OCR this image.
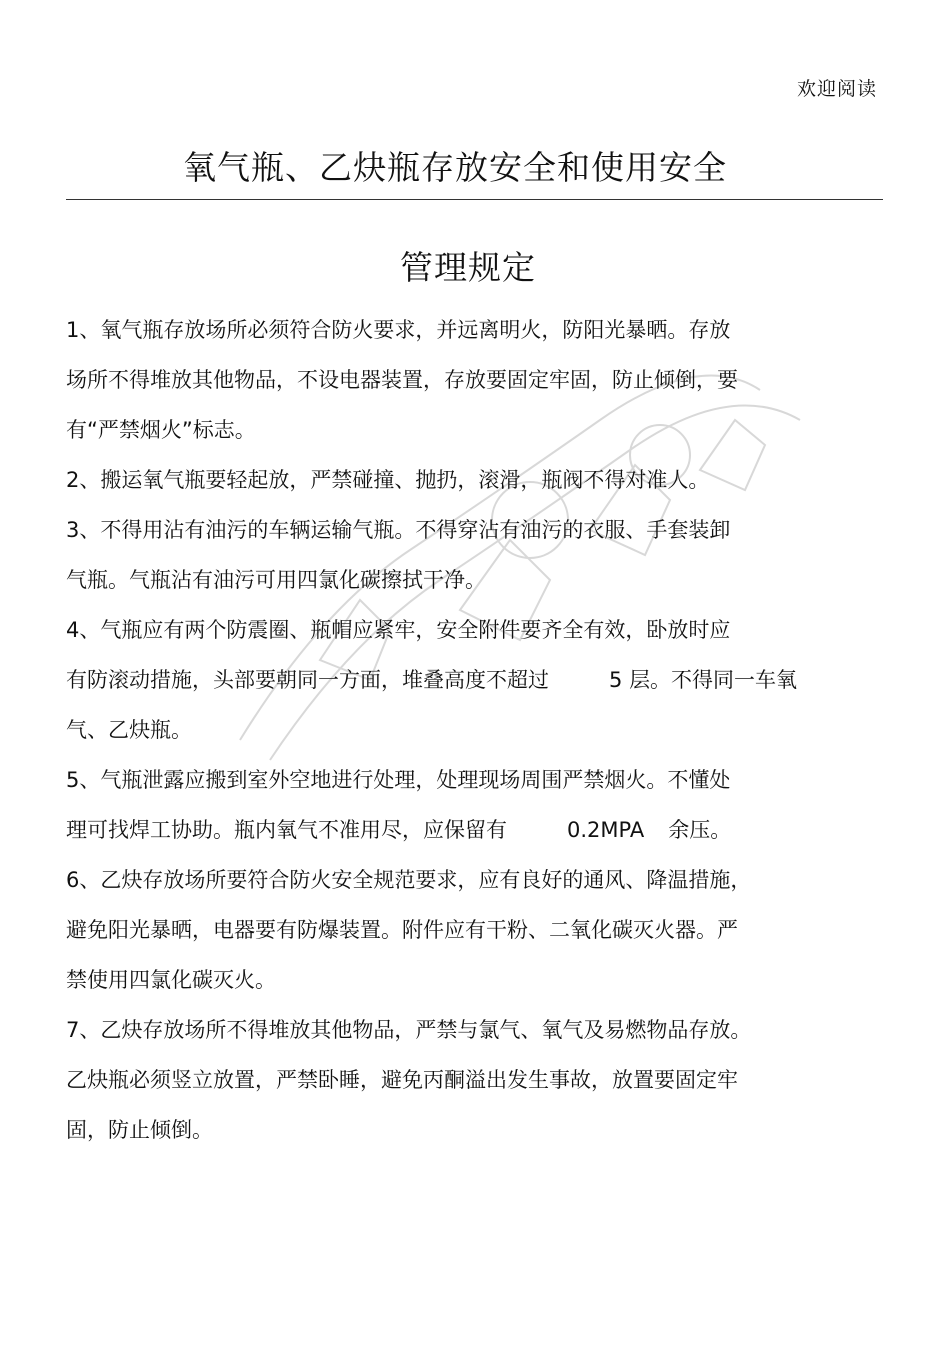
欢迎阅读
氧气瓶、乙炔瓶存放安全和使用安全
管理规定
1、氧气瓶存放场所必须符合防火要求，并远离明火，防阳光暴晒。存放
场所不得堆放其他物品，不设电器装置，存放要固定牢固，防止倾倒，要
有“严禁烟火”标志。
2、搬运氧气瓶要轻起放，严禁碰撞、抛扔，滚滑，瓶阀不得对准人。
3、不得用沾有油污的车辆运输气瓶。不得穿沾有油污的衣服、手套装卸
气瓶。气瓶沾有油污可用四氯化碳擦拭干净。
4、气瓶应有两个防震圈、瓶帽应紧牢，安全附件要齐全有效，卧放时应
有防滚动措施，头部要朝同一方面，堆叠高度不超过	5 层。不得同一车氧
气、乙炔瓶。
5、气瓶泄露应搬到室外空地进行处理，处理现场周围严禁烟火。不懂处
理可找焊工协助。瓶内氧气不准用尽，应保留有	0.2MPA 余压。
6、乙炔存放场所要符合防火安全规范要求，应有良好的通风、降温措施，
避免阳光暴晒，电器要有防爆装置。附件应有干粉、二氧化碳灭火器。严
禁使用四氯化碳灭火。
7、乙炔存放场所不得堆放其他物品，严禁与氯气、氧气及易燃物品存放。
乙炔瓶必须竖立放置，严禁卧睡，避免丙酮溢出发生事故，放置要固定牢
固，防止倾倒。
